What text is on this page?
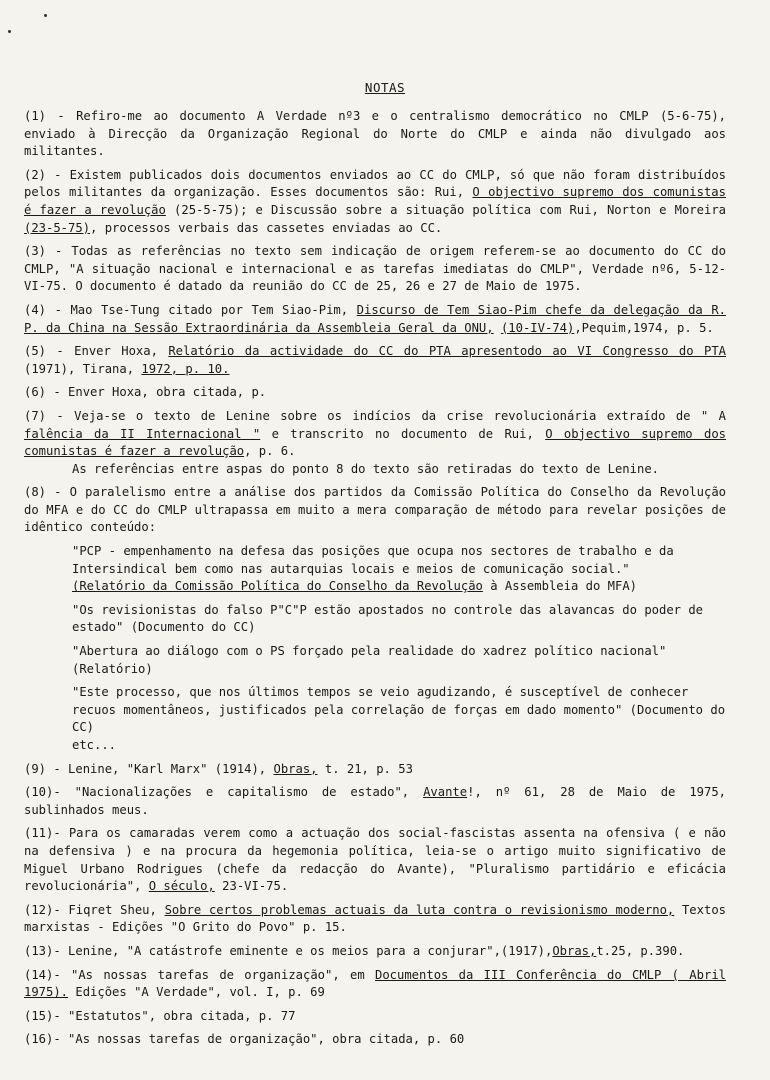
NOTAS

(1) - Refiro-me ao documento A Verdade nº3 e o centralismo democrático no CMLP (5-6-75), enviado à Direcção da Organização Regional do Norte do CMLP e ainda não divulgado aos militantes.

(2) - Existem publicados dois documentos enviados ao CC do CMLP, só que não foram distribuídos pelos militantes da organização. Esses documentos são: Rui, O objectivo supremo dos comunistas é fazer a revolução (25-5-75); e Discussão sobre a situação política com Rui, Norton e Moreira (23-5-75), processos verbais das cassetes enviadas ao CC.

(3) - Todas as referências no texto sem indicação de origem referem-se ao documento do CC do CMLP, "A situação nacional e internacional e as tarefas imediatas do CMLP", Verdade nº6, 5-12-VI-75. O documento é datado da reunião do CC de 25, 26 e 27 de Maio de 1975.

(4) - Mao Tse-Tung citado por Tem Siao-Pim, Discurso de Tem Siao-Pim chefe da delegação da R. P. da China na Sessão Extraordinária da Assembleia Geral da ONU, (10-IV-74),Pequim,1974, p. 5.

(5) - Enver Hoxa, Relatório da actividade do CC do PTA apresentodo ao VI Congresso do PTA (1971), Tirana, 1972, p. 10.

(6) - Enver Hoxa, obra citada, p.

(7) - Veja-se o texto de Lenine sobre os indícios da crise revolucionária extraído de " A falência da II Internacional " e transcrito no documento de Rui, O objectivo supremo dos comunistas é fazer a revolução, p. 6.

As referências entre aspas do ponto 8 do texto são retiradas do texto de Lenine.

(8) - O paralelismo entre a análise dos partidos da Comissão Política do Conselho da Revolução do MFA e do CC do CMLP ultrapassa em muito a mera comparação de método para revelar posições de idêntico conteúdo:

"PCP - empenhamento na defesa das posições que ocupa nos sectores de trabalho e da Intersindical bem como nas autarquias locais e meios de comunicação social."
(Relatório da Comissão Política do Conselho da Revolução à Assembleia do MFA)

"Os revisionistas do falso P"C"P estão apostados no controle das alavancas do poder de estado" (Documento do CC)

"Abertura ao diálogo com o PS forçado pela realidade do xadrez político nacional" (Relatório)

"Este processo, que nos últimos tempos se veio agudizando, é susceptível de conhecer recuos momentâneos, justificados pela correlação de forças em dado momento" (Documento do CC)
etc...

(9) - Lenine, "Karl Marx" (1914), Obras, t. 21, p. 53

(10)- "Nacionalizações e capitalismo de estado", Avante!, nº 61, 28 de Maio de 1975, sublinhados meus.

(11)- Para os camaradas verem como a actuação dos social-fascistas assenta na ofensiva ( e não na defensiva ) e na procura da hegemonia política, leia-se o artigo muito significativo de Miguel Urbano Rodrigues (chefe da redacção do Avante), "Pluralismo partidário e eficácia revolucionária", O século, 23-VI-75.

(12)- Fiqret Sheu, Sobre certos problemas actuais da luta contra o revisionismo moderno, Textos marxistas - Edições "O Grito do Povo" p. 15.

(13)- Lenine, "A catástrofe eminente e os meios para a conjurar",(1917),Obras,t.25, p.390.

(14)- "As nossas tarefas de organização", em Documentos da III Conferência do CMLP ( Abril 1975). Edições "A Verdade", vol. I, p. 69

(15)- "Estatutos", obra citada, p. 77

(16)- "As nossas tarefas de organização", obra citada, p. 60
